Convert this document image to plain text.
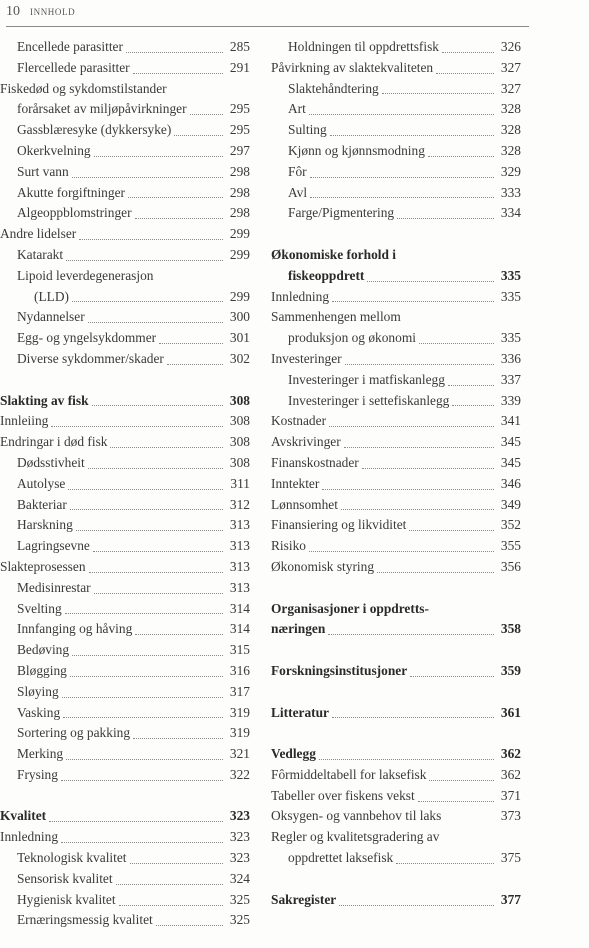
10 INNHOLD
Encellede parasitter	285
Flercellede parasitter	291
Fiskedød og sykdomstilstander
forårsaket av miljøpåvirkninger	295
Gassblæresyke (dykkersyke)	295
Okerkvelning	297
Surt vann	298
Akutte forgiftninger	298
Algeoppblomstringer	298
Andre lidelser	299
Katarakt	299
Lipoid leverdegenerasjon
(LLD)	299
Nydannelser	300
Egg- og yngelsykdommer	301
Diverse sykdommer/skader	302
Slakting av fisk	308
Innleiing	308
Endringar i død fisk	308
Dødsstivheit	308
Autolyse	311
Bakteriar	312
Harskning	313
Lagringsevne	313
Slakteprosessen	313
Medisinrestar	313
Svelting	314
Innfanging og håving	314
Bedøving	315
Bløgging	316
Sløying	317
Vasking	319
Sortering og pakking	319
Merking	321
Frysing	322
Kvalitet	323
Innledning	323
Teknologisk kvalitet	323
Sensorisk kvalitet	324
Hygienisk kvalitet	325
Ernæringsmessig kvalitet	325
Holdningen til oppdrettsfisk	326
Påvirkning av slaktekvaliteten	327
Slaktehåndtering	327
Art	328
Sulting	328
Kjønn og kjønnsmodning	328
Fôr	329
Avl	333
Farge/Pigmentering	334
Økonomiske forhold i
fiskeoppdrett	335
Innledning	335
Sammenhengen mellom
produksjon og økonomi	335
Investeringer	336
Investeringer i matfiskanlegg	337
Investeringer i settefiskanlegg	339
Kostnader	341
Avskrivinger	345
Finanskostnader	345
Inntekter	346
Lønnsomhet	349
Finansiering og likviditet	352
Risiko	355
Økonomisk styring	356
Organisasjoner i oppdretts-
næringen	358
Forskningsinstitusjoner	359
Litteratur	361
Vedlegg	362
Fôrmiddeltabell for laksefisk	362
Tabeller over fiskens vekst	371
Oksygen- og vannbehov til laks	373
Regler og kvalitetsgradering av
oppdrettet laksefisk	375
Sakregister	377
